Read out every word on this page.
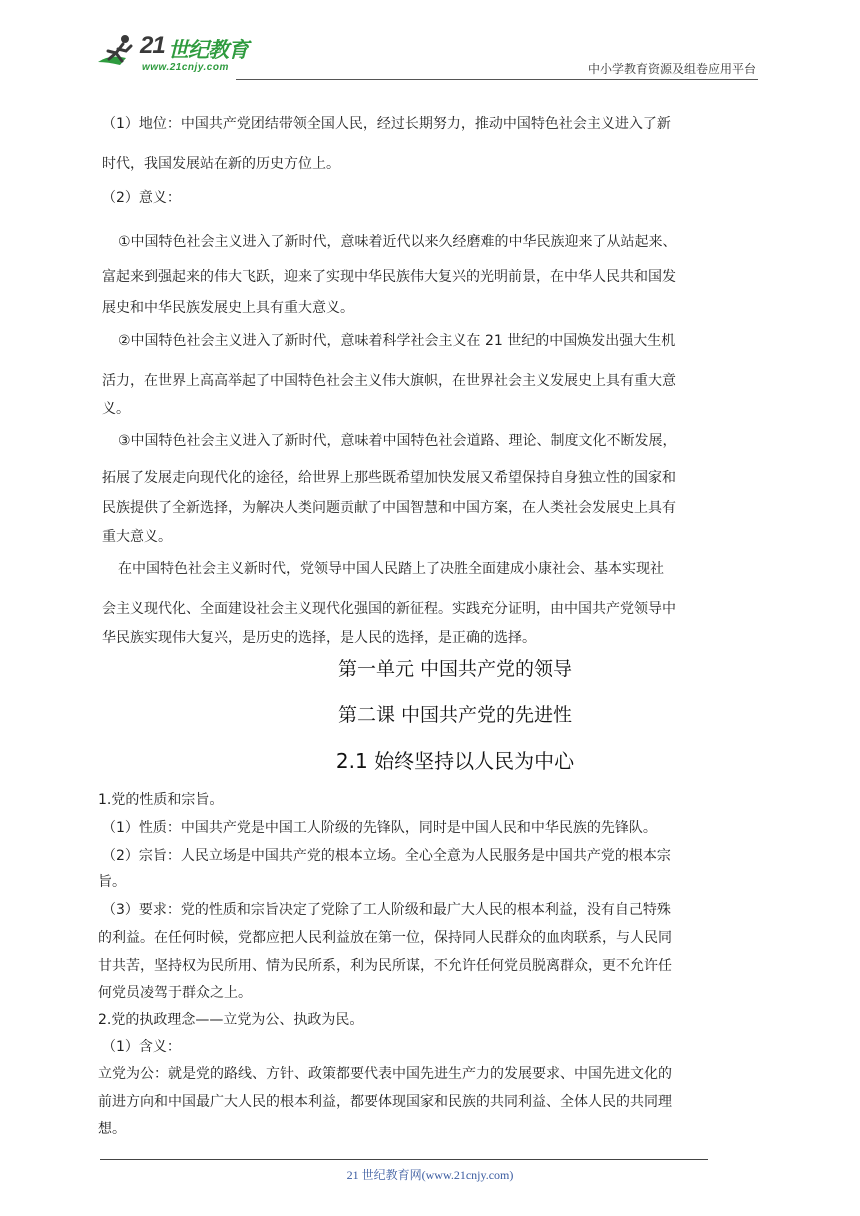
21 世纪教育
www.21cnjy.com	中小学教育资源及组卷应用平台
（1）地位：中国共产党团结带领全国人民，经过长期努力，推动中国特色社会主义进入了新
时代，我国发展站在新的历史方位上。
（2）意义：
①中国特色社会主义进入了新时代，意味着近代以来久经磨难的中华民族迎来了从站起来、
富起来到强起来的伟大飞跃，迎来了实现中华民族伟大复兴的光明前景，在中华人民共和国发
展史和中华民族发展史上具有重大意义。
②中国特色社会主义进入了新时代，意味着科学社会主义在 21 世纪的中国焕发出强大生机
活力，在世界上高高举起了中国特色社会主义伟大旗帜，在世界社会主义发展史上具有重大意
义。
③中国特色社会主义进入了新时代，意味着中国特色社会道路、理论、制度文化不断发展，
拓展了发展走向现代化的途径，给世界上那些既希望加快发展又希望保持自身独立性的国家和
民族提供了全新选择，为解决人类问题贡献了中国智慧和中国方案，在人类社会发展史上具有
重大意义。
在中国特色社会主义新时代，党领导中国人民踏上了决胜全面建成小康社会、基本实现社
会主义现代化、全面建设社会主义现代化强国的新征程。实践充分证明，由中国共产党领导中
华民族实现伟大复兴，是历史的选择，是人民的选择，是正确的选择。
第一单元 中国共产党的领导
第二课 中国共产党的先进性
2.1 始终坚持以人民为中心
1.党的性质和宗旨。
（1）性质：中国共产党是中国工人阶级的先锋队，同时是中国人民和中华民族的先锋队。
（2）宗旨：人民立场是中国共产党的根本立场。全心全意为人民服务是中国共产党的根本宗
旨。
（3）要求：党的性质和宗旨决定了党除了工人阶级和最广大人民的根本利益，没有自己特殊
的利益。在任何时候，党都应把人民利益放在第一位，保持同人民群众的血肉联系，与人民同
甘共苦，坚持权为民所用、情为民所系，利为民所谋，不允许任何党员脱离群众，更不允许任
何党员凌驾于群众之上。
2.党的执政理念——立党为公、执政为民。
（1）含义：
立党为公：就是党的路线、方针、政策都要代表中国先进生产力的发展要求、中国先进文化的
前进方向和中国最广大人民的根本利益，都要体现国家和民族的共同利益、全体人民的共同理
想。
21 世纪教育网(www.21cnjy.com)
